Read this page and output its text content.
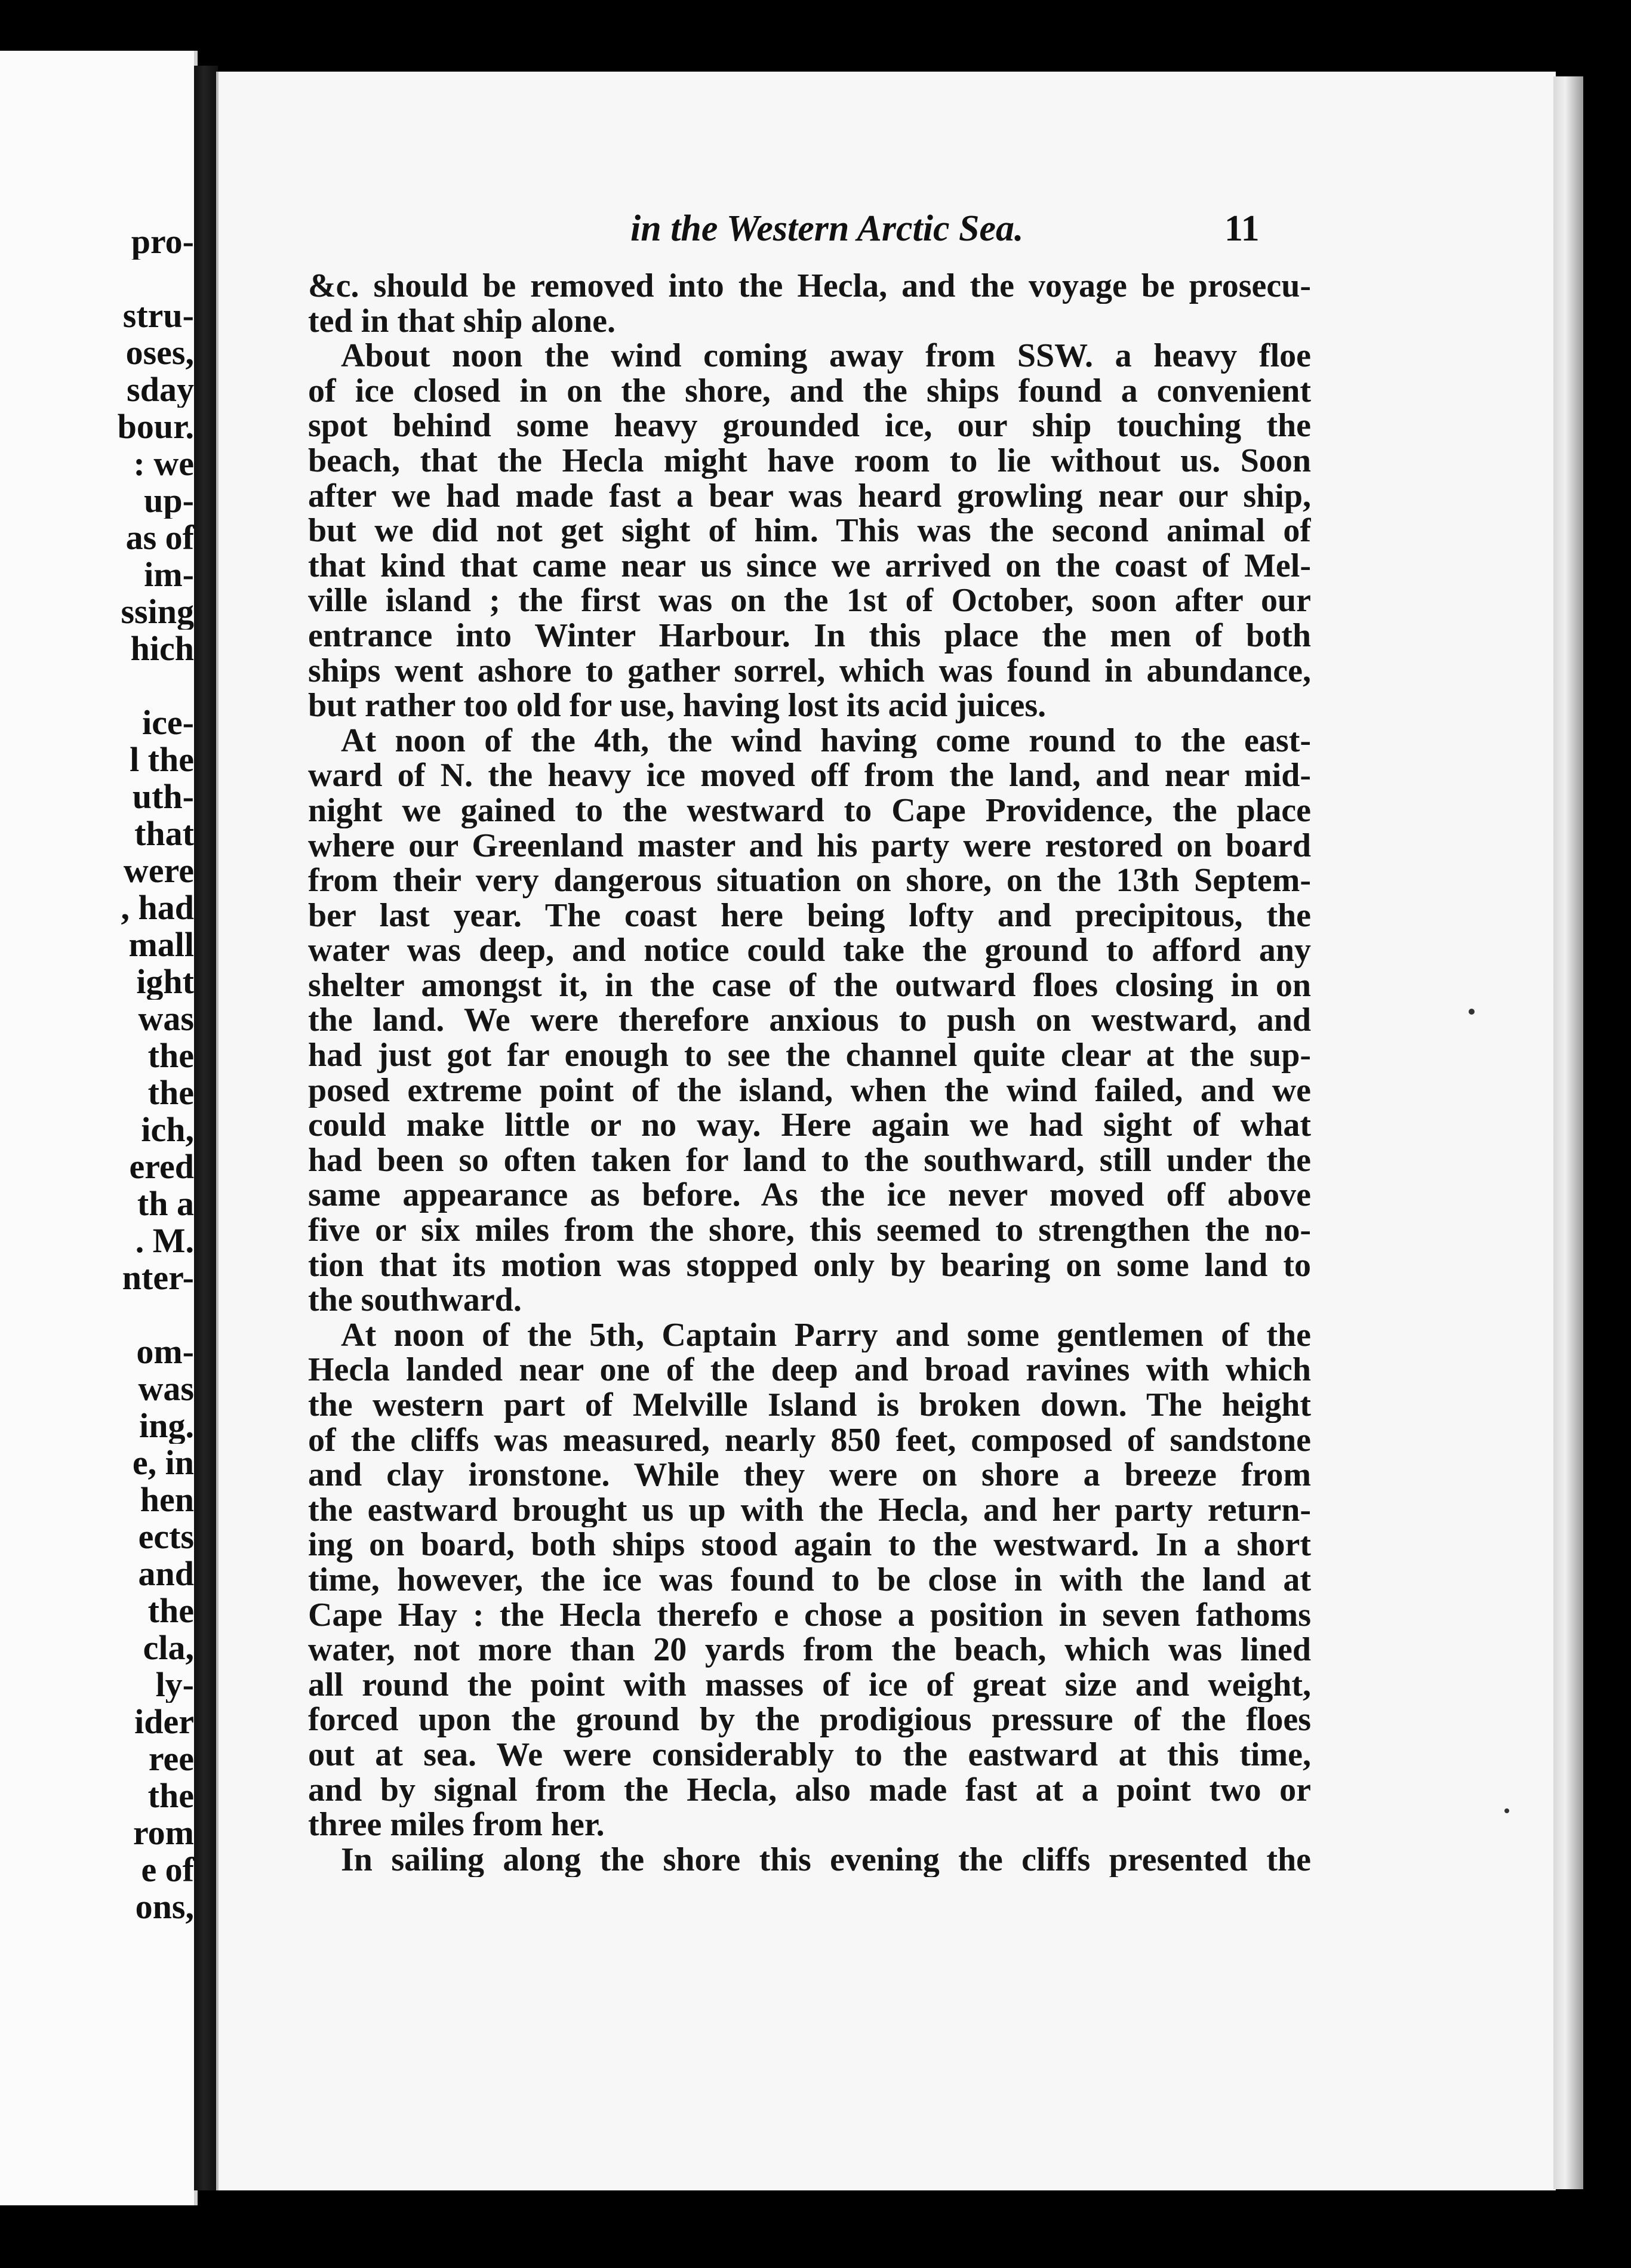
pro-
stru-
oses,
sday
bour.
: we
up-
as of
im-
ssing
hich
ice-
l the
uth-
that
were
, had
mall
ight
was
the
the
ich,
ered
th a
. M.
nter-
om-
was
ing.
e, in
hen
ects
and
the
cla,
ly-
ider
ree
the
rom
e of
ons,
in the Western Arctic Sea.	11
&c. should be removed into the Hecla, and the voyage be prosecu-
ted in that ship alone.
About noon the wind coming away from SSW. a heavy floe
of ice closed in on the shore, and the ships found a convenient
spot behind some heavy grounded ice, our ship touching the
beach, that the Hecla might have room to lie without us. Soon
after we had made fast a bear was heard growling near our ship,
but we did not get sight of him. This was the second animal of
that kind that came near us since we arrived on the coast of Mel-
ville island ; the first was on the 1st of October, soon after our
entrance into Winter Harbour. In this place the men of both
ships went ashore to gather sorrel, which was found in abundance,
but rather too old for use, having lost its acid juices.
At noon of the 4th, the wind having come round to the east-
ward of N. the heavy ice moved off from the land, and near mid-
night we gained to the westward to Cape Providence, the place
where our Greenland master and his party were restored on board
from their very dangerous situation on shore, on the 13th Septem-
ber last year. The coast here being lofty and precipitous, the
water was deep, and notice could take the ground to afford any
shelter amongst it, in the case of the outward floes closing in on
the land. We were therefore anxious to push on westward, and
had just got far enough to see the channel quite clear at the sup-
posed extreme point of the island, when the wind failed, and we
could make little or no way. Here again we had sight of what
had been so often taken for land to the southward, still under the
same appearance as before. As the ice never moved off above
five or six miles from the shore, this seemed to strengthen the no-
tion that its motion was stopped only by bearing on some land to
the southward.
At noon of the 5th, Captain Parry and some gentlemen of the
Hecla landed near one of the deep and broad ravines with which
the western part of Melville Island is broken down. The height
of the cliffs was measured, nearly 850 feet, composed of sandstone
and clay ironstone. While they were on shore a breeze from
the eastward brought us up with the Hecla, and her party return-
ing on board, both ships stood again to the westward. In a short
time, however, the ice was found to be close in with the land at
Cape Hay : the Hecla therefo e chose a position in seven fathoms
water, not more than 20 yards from the beach, which was lined
all round the point with masses of ice of great size and weight,
forced upon the ground by the prodigious pressure of the floes
out at sea. We were considerably to the eastward at this time,
and by signal from the Hecla, also made fast at a point two or
three miles from her.
In sailing along the shore this evening the cliffs presented the
